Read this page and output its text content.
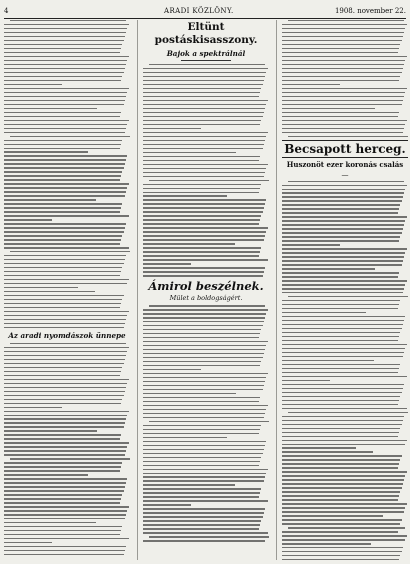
4	ARADI KÖZLÖNY.	1908. november 22.
Az aradi nyomdászok ünnepe
Eltünt postáskisasszony.
Bajok a spektrálnál
Ámirol beszélnek.
Mület a boldogságért.
Becsapott herceg.
Huszonöt ezer koronás csalás
—
